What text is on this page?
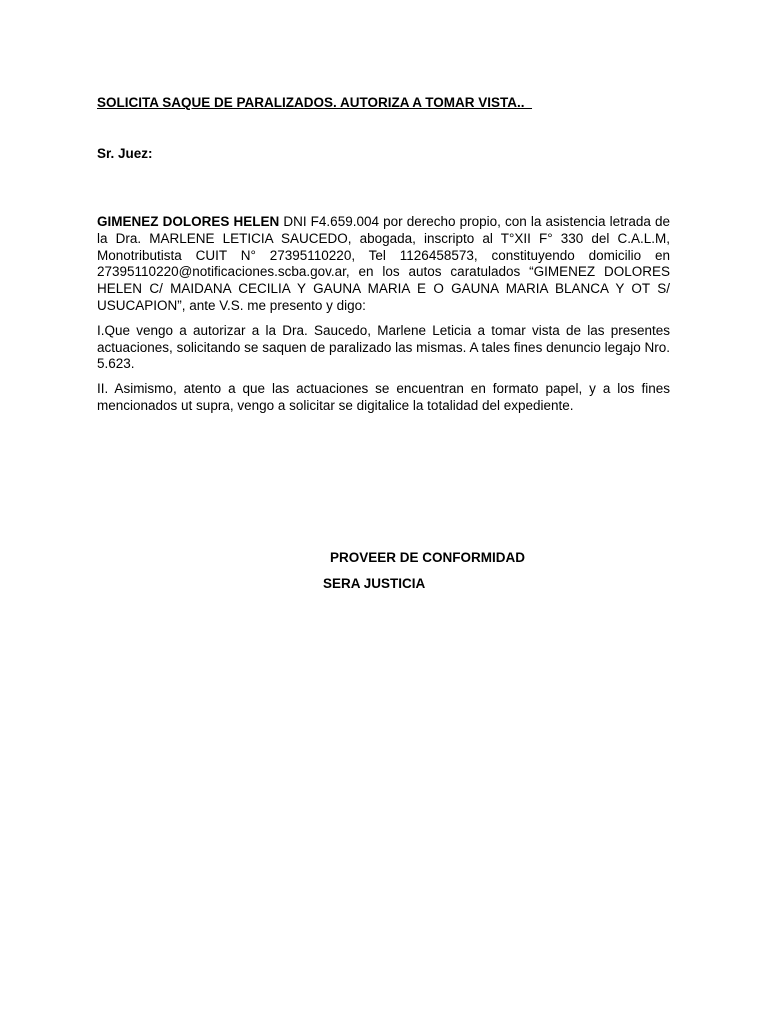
SOLICITA SAQUE DE PARALIZADOS. AUTORIZA A TOMAR VISTA..

Sr. Juez:

GIMENEZ DOLORES HELEN DNI F4.659.004 por derecho propio, con la asistencia letrada de la Dra. MARLENE LETICIA SAUCEDO, abogada, inscripto al T°XII F° 330 del C.A.L.M, Monotributista CUIT N° 27395110220, Tel 1126458573, constituyendo domicilio en 27395110220@notificaciones.scba.gov.ar, en los autos caratulados “GIMENEZ DOLORES HELEN C/ MAIDANA CECILIA Y GAUNA MARIA E O GAUNA MARIA BLANCA Y OT S/ USUCAPION”, ante V.S. me presento y digo:

I.Que vengo a autorizar a la Dra. Saucedo, Marlene Leticia a tomar vista de las presentes actuaciones, solicitando se saquen de paralizado las mismas. A tales fines denuncio legajo Nro. 5.623.

II. Asimismo, atento a que las actuaciones se encuentran en formato papel, y a los fines mencionados ut supra, vengo a solicitar se digitalice la totalidad del expediente.

PROVEER DE CONFORMIDAD

SERA JUSTICIA
